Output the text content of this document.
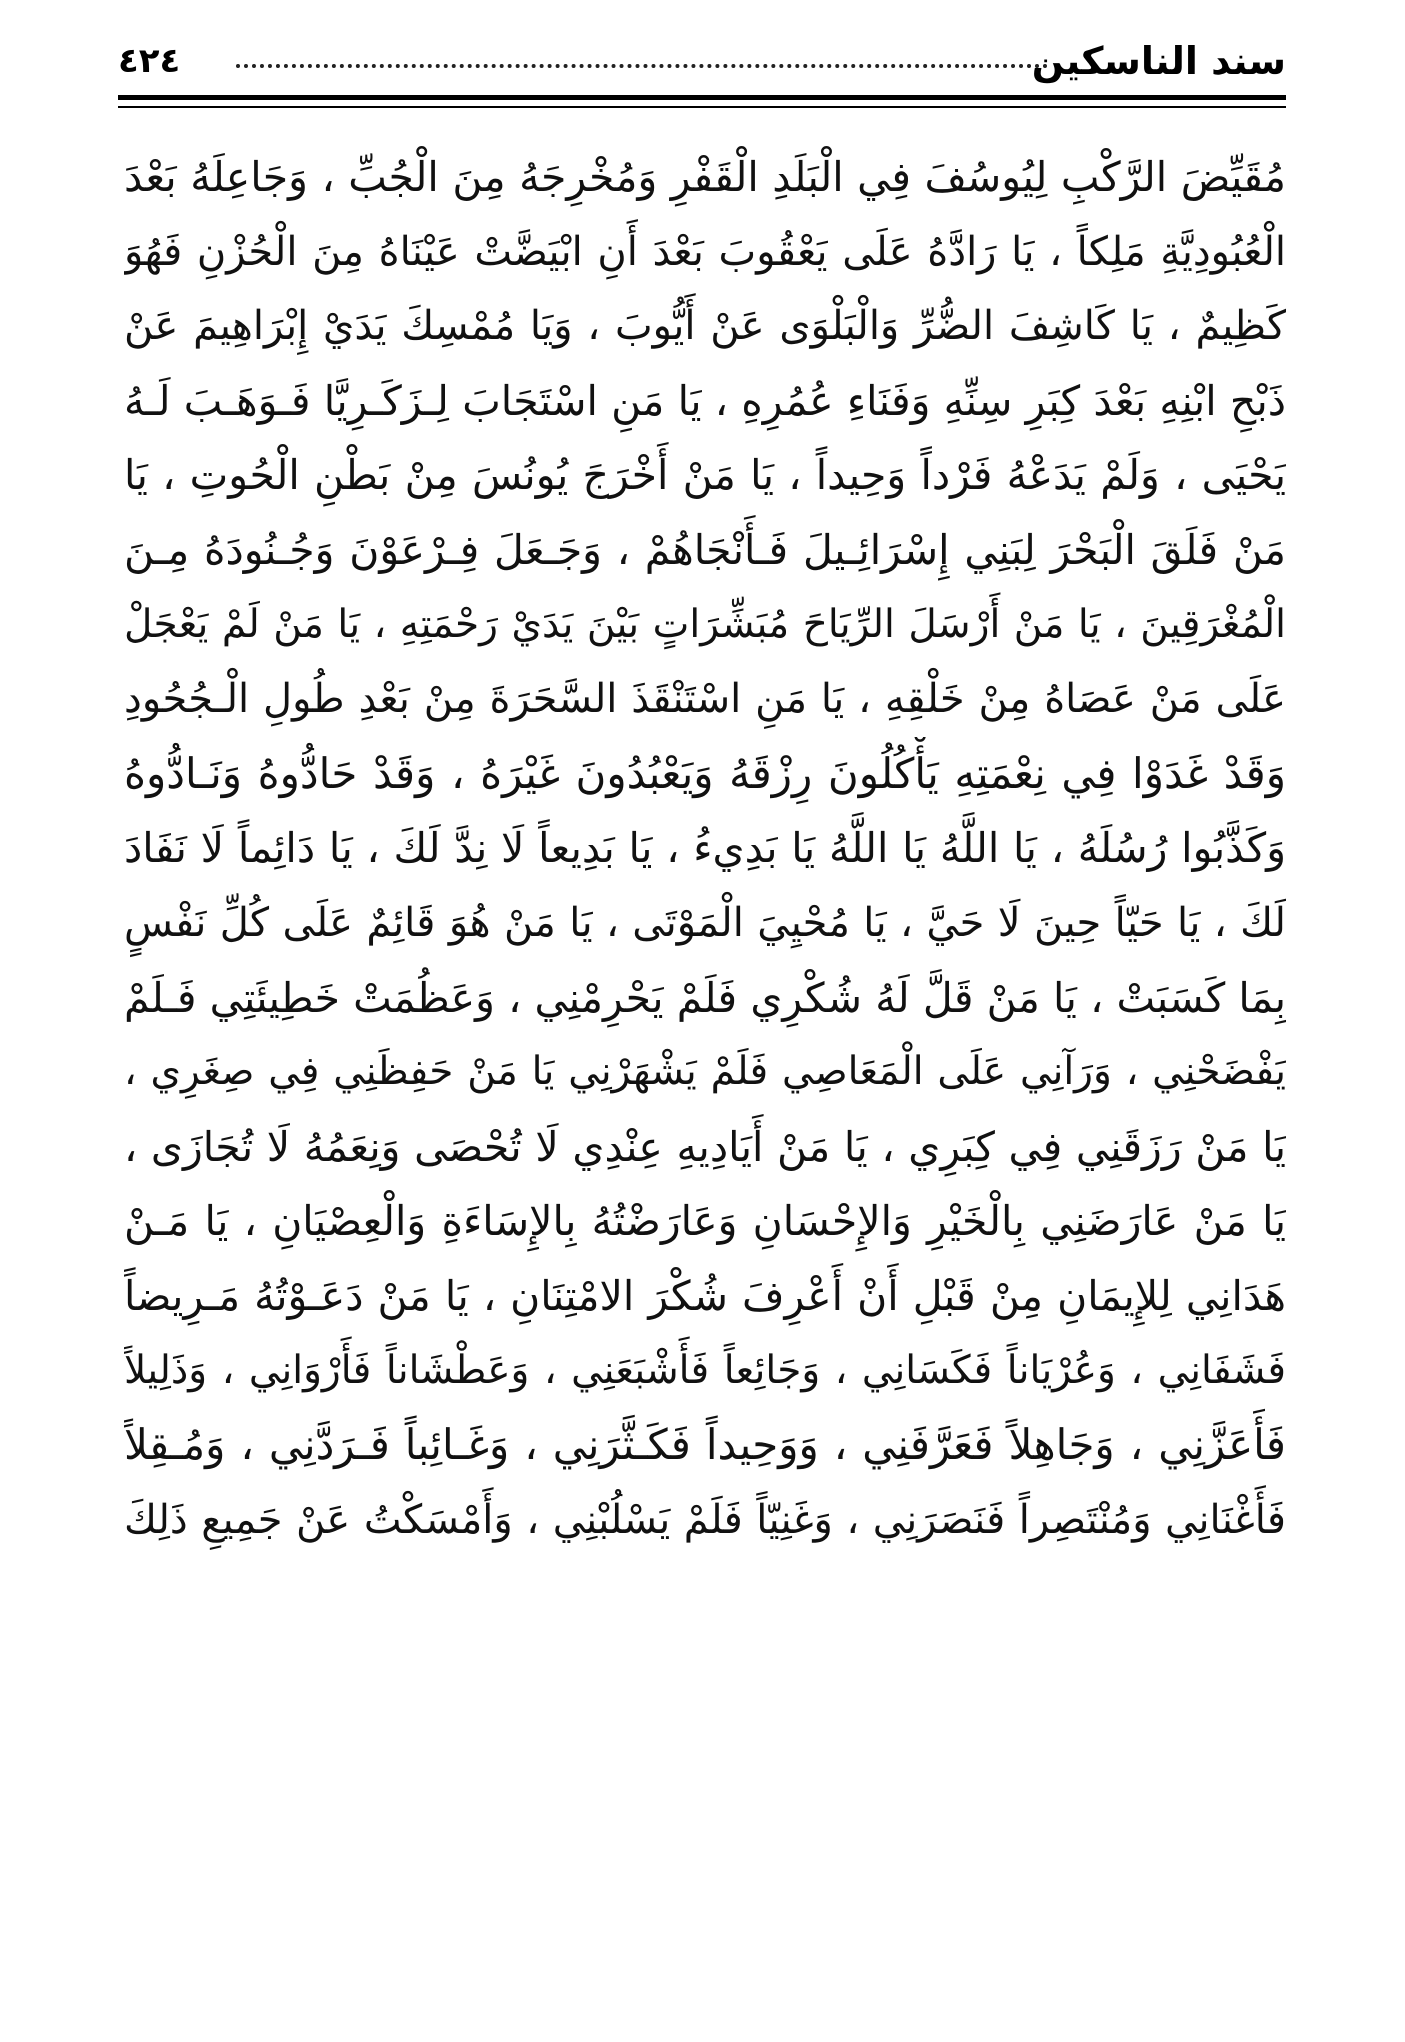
سند الناسكين
٤٢٤
مُقَيِّضَ الرَّكْبِ لِيُوسُفَ فِي الْبَلَدِ الْقَفْرِ وَمُخْرِجَهُ مِنَ الْجُبِّ ، وَجَاعِلَهُ بَعْدَ
الْعُبُودِيَّةِ مَلِكاً ، يَا رَادَّهُ عَلَى يَعْقُوبَ بَعْدَ أَنِ ابْيَضَّتْ عَيْنَاهُ مِنَ الْحُزْنِ فَهُوَ
كَظِيمٌ ، يَا كَاشِفَ الضُّرِّ وَالْبَلْوَى عَنْ أَيُّوبَ ، وَيَا مُمْسِكَ يَدَيْ إِبْرَاهِيمَ عَنْ
ذَبْحِ ابْنِهِ بَعْدَ كِبَرِ سِنِّهِ وَفَنَاءِ عُمُرِهِ ، يَا مَنِ اسْتَجَابَ لِـزَكَـرِيَّا فَـوَهَـبَ لَـهُ
يَحْيَى ، وَلَمْ يَدَعْهُ فَرْداً وَحِيداً ، يَا مَنْ أَخْرَجَ يُونُسَ مِنْ بَطْنِ الْحُوتِ ، يَا
مَنْ فَلَقَ الْبَحْرَ لِبَنِي إِسْرَائِـيلَ فَـأَنْجَاهُمْ ، وَجَـعَلَ فِـرْعَوْنَ وَجُـنُودَهُ مِـنَ
الْمُغْرَقِينَ ، يَا مَنْ أَرْسَلَ الرِّيَاحَ مُبَشِّرَاتٍ بَيْنَ يَدَيْ رَحْمَتِهِ ، يَا مَنْ لَمْ يَعْجَلْ
عَلَى مَنْ عَصَاهُ مِنْ خَلْقِهِ ، يَا مَنِ اسْتَنْقَذَ السَّحَرَةَ مِنْ بَعْدِ طُولِ الْـجُحُودِ
وَقَدْ غَدَوْا فِي نِعْمَتِهِ يَأْكُلُونَ رِزْقَهُ وَيَعْبُدُونَ غَيْرَهُ ، وَقَدْ حَادُّوهُ وَنَـادُّوهُ
وَكَذَّبُوا رُسُلَهُ ، يَا اللَّهُ يَا اللَّهُ يَا بَدِيءُ ، يَا بَدِيعاً لَا نِدَّ لَكَ ، يَا دَائِماً لَا نَفَادَ
لَكَ ، يَا حَيّاً حِينَ لَا حَيَّ ، يَا مُحْيِيَ الْمَوْتَى ، يَا مَنْ هُوَ قَائِمٌ عَلَى كُلِّ نَفْسٍ
بِمَا كَسَبَتْ ، يَا مَنْ قَلَّ لَهُ شُكْرِي فَلَمْ يَحْرِمْنِي ، وَعَظُمَتْ خَطِيئَتِي فَـلَمْ
يَفْضَحْنِي ، وَرَآنِي عَلَى الْمَعَاصِي فَلَمْ يَشْهَرْنِي يَا مَنْ حَفِظَنِي فِي صِغَرِي ،
يَا مَنْ رَزَقَنِي فِي كِبَرِي ، يَا مَنْ أَيَادِيهِ عِنْدِي لَا تُحْصَى وَنِعَمُهُ لَا تُجَازَى ،
يَا مَنْ عَارَضَنِي بِالْخَيْرِ وَالإِحْسَانِ وَعَارَضْتُهُ بِالإِسَاءَةِ وَالْعِصْيَانِ ، يَا مَـنْ
هَدَانِي لِلإِيمَانِ مِنْ قَبْلِ أَنْ أَعْرِفَ شُكْرَ الامْتِنَانِ ، يَا مَنْ دَعَـوْتُهُ مَـرِيضاً
فَشَفَانِي ، وَعُرْيَاناً فَكَسَانِي ، وَجَائِعاً فَأَشْبَعَنِي ، وَعَطْشَاناً فَأَرْوَانِي ، وَذَلِيلاً
فَأَعَزَّنِي ، وَجَاهِلاً فَعَرَّفَنِي ، وَوَحِيداً فَكَـثَّرَنِي ، وَغَـائِباً فَـرَدَّنِي ، وَمُـقِلاً
فَأَغْنَانِي وَمُنْتَصِراً فَنَصَرَنِي ، وَغَنِيّاً فَلَمْ يَسْلُبْنِي ، وَأَمْسَكْتُ عَنْ جَمِيعِ ذَلِكَ
